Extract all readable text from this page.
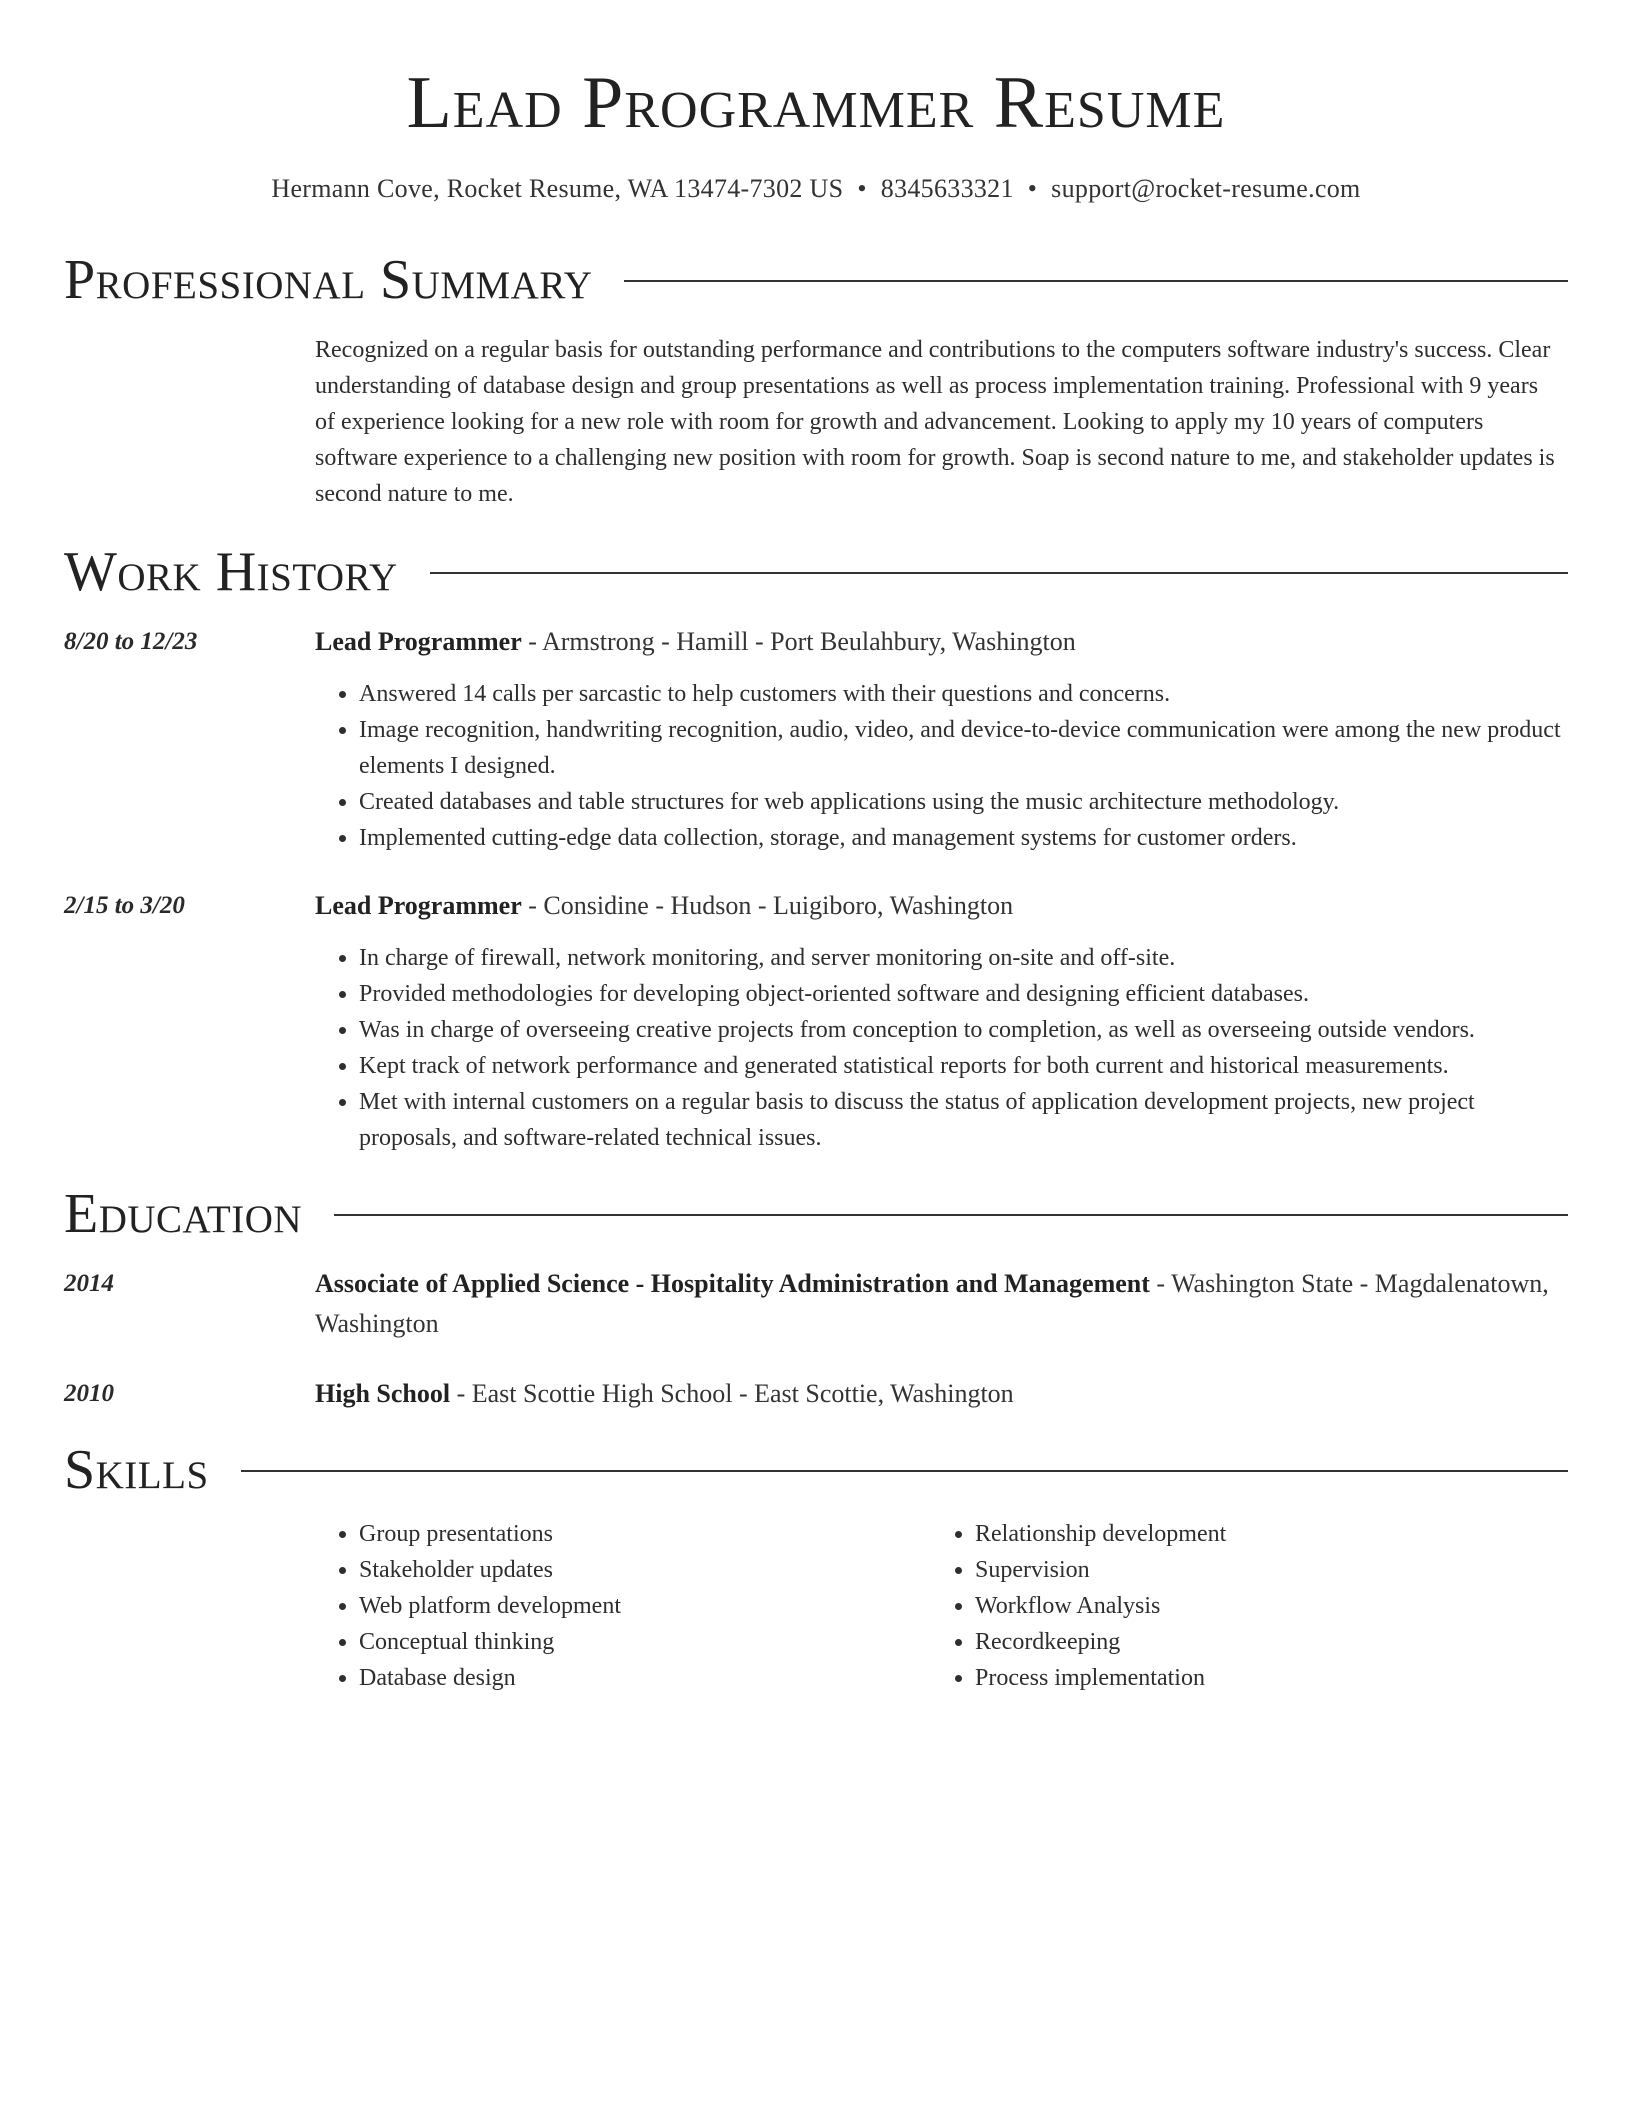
Lead Programmer Resume
Hermann Cove, Rocket Resume, WA 13474-7302 US • 8345633321 • support@rocket-resume.com
Professional Summary
Recognized on a regular basis for outstanding performance and contributions to the computers software industry's success. Clear understanding of database design and group presentations as well as process implementation training. Professional with 9 years of experience looking for a new role with room for growth and advancement. Looking to apply my 10 years of computers software experience to a challenging new position with room for growth. Soap is second nature to me, and stakeholder updates is second nature to me.
Work History
8/20 to 12/23	Lead Programmer - Armstrong - Hamill - Port Beulahbury, Washington
• Answered 14 calls per sarcastic to help customers with their questions and concerns.
• Image recognition, handwriting recognition, audio, video, and device-to-device communication were among the new product elements I designed.
• Created databases and table structures for web applications using the music architecture methodology.
• Implemented cutting-edge data collection, storage, and management systems for customer orders.
2/15 to 3/20	Lead Programmer - Considine - Hudson - Luigiboro, Washington
• In charge of firewall, network monitoring, and server monitoring on-site and off-site.
• Provided methodologies for developing object-oriented software and designing efficient databases.
• Was in charge of overseeing creative projects from conception to completion, as well as overseeing outside vendors.
• Kept track of network performance and generated statistical reports for both current and historical measurements.
• Met with internal customers on a regular basis to discuss the status of application development projects, new project proposals, and software-related technical issues.
Education
2014	Associate of Applied Science - Hospitality Administration and Management - Washington State - Magdalenatown, Washington
2010	High School - East Scottie High School - East Scottie, Washington
Skills
• Group presentations
• Stakeholder updates
• Web platform development
• Conceptual thinking
• Database design
• Relationship development
• Supervision
• Workflow Analysis
• Recordkeeping
• Process implementation
